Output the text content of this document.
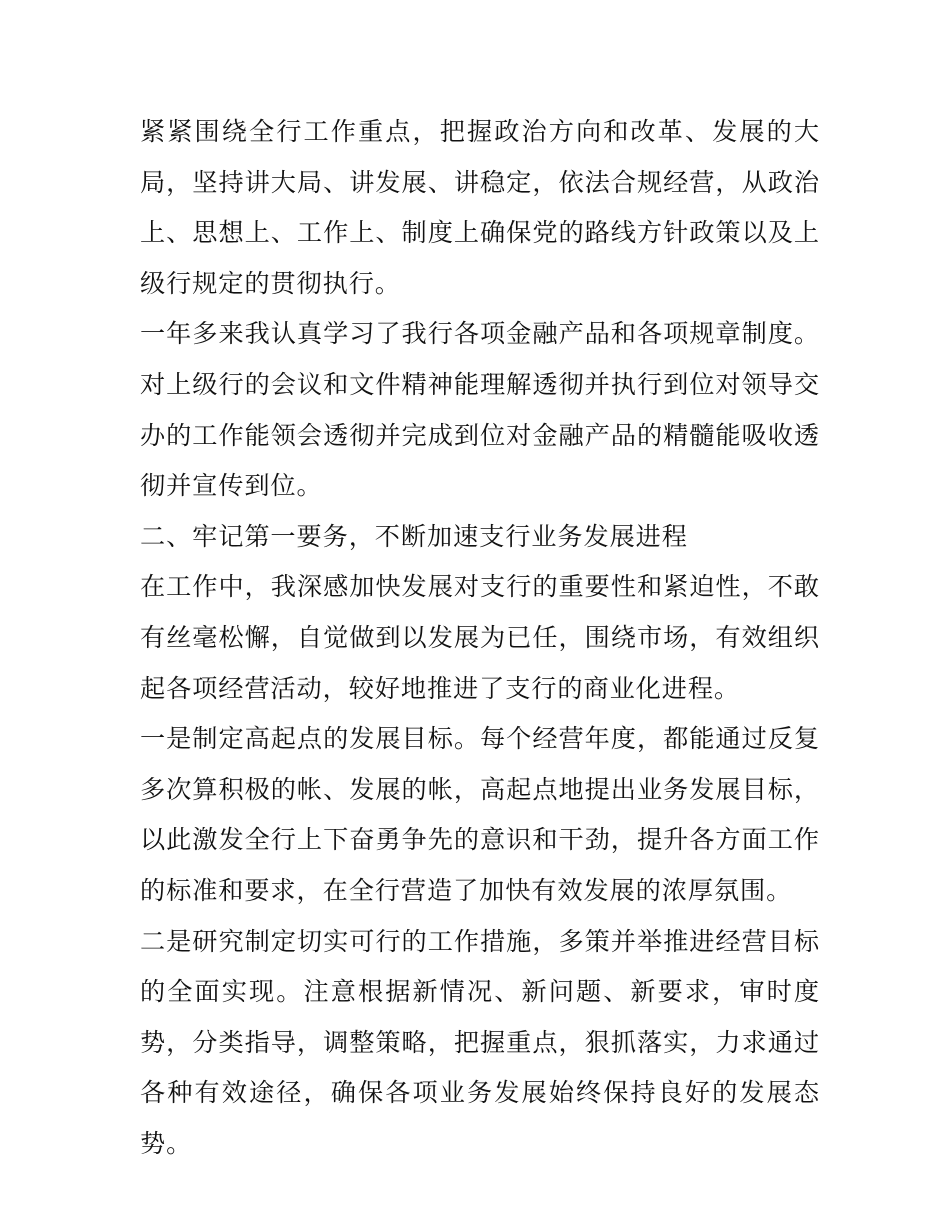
紧紧围绕全行工作重点，把握政治方向和改革、发展的大局，坚持讲大局、讲发展、讲稳定，依法合规经营，从政治上、思想上、工作上、制度上确保党的路线方针政策以及上级行规定的贯彻执行。

一年多来我认真学习了我行各项金融产品和各项规章制度。对上级行的会议和文件精神能理解透彻并执行到位对领导交办的工作能领会透彻并完成到位对金融产品的精髓能吸收透彻并宣传到位。

二、牢记第一要务，不断加速支行业务发展进程

在工作中，我深感加快发展对支行的重要性和紧迫性，不敢有丝毫松懈，自觉做到以发展为已任，围绕市场，有效组织起各项经营活动，较好地推进了支行的商业化进程。

一是制定高起点的发展目标。每个经营年度，都能通过反复多次算积极的帐、发展的帐，高起点地提出业务发展目标，以此激发全行上下奋勇争先的意识和干劲，提升各方面工作的标准和要求，在全行营造了加快有效发展的浓厚氛围。

二是研究制定切实可行的工作措施，多策并举推进经营目标的全面实现。注意根据新情况、新问题、新要求，审时度势，分类指导，调整策略，把握重点，狠抓落实，力求通过各种有效途径，确保各项业务发展始终保持良好的发展态势。
